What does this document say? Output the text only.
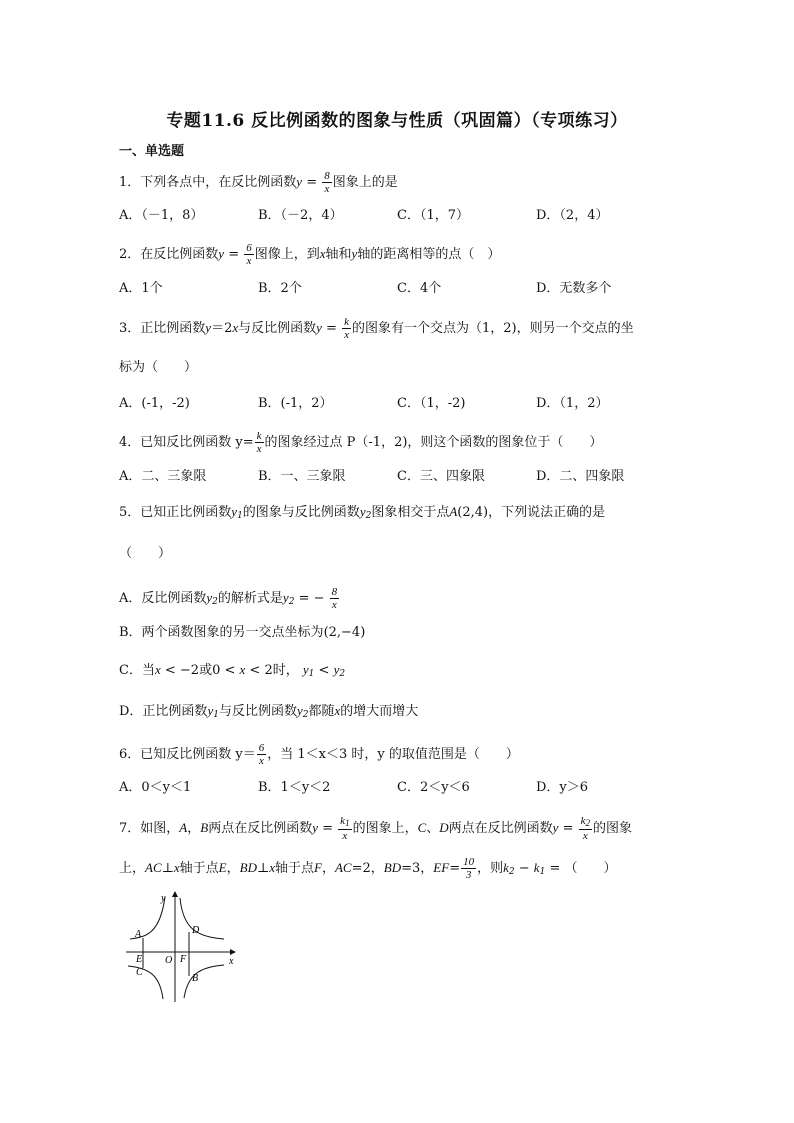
专题11.6 反比例函数的图象与性质（巩固篇）（专项练习）
一、单选题
1．下列各点中，在反比例函数$y = \frac{8}{x}$ 图象上的是
A．（－1，8）	B．（－2，4）	C．（1，7）	D．（2，4）
2．在反比例函数$y = \frac{6}{x}$ 图像上，到x轴和y轴的距离相等的点（　）
A．1个	B．2个	C．4个	D．无数多个
3．正比例函数y＝2x与反比例函数$y = \frac{k}{x}$ 的图象有一个交点为（1，2)，则另一个交点的坐
标为（　　）
A．(-1，-2)	B．(-1，2）	C．（1，-2)	D．（1，2）
4．已知反比例函数 $y= \frac{k}{x}$ 的图象经过点 P（-1，2)，则这个函数的图象位于（　　）
A．二、三象限	B．一、三象限	C．三、四象限	D．二、四象限
5．已知正比例函数$y_1$的图象与反比例函数$y_2$图象相交于点A(2,4)，下列说法正确的是
（　　）
A．反比例函数$y_2$的解析式是$y_2$ = − $\frac{8}{x}$
B．两个函数图象的另一交点坐标为(2,−4)
C．当x < −2或0 < x < 2时， $y_1 < y_2$
D．正比例函数$y_1$与反比例函数$y_2$都随x的增大而增大
6．已知反比例函数 $y= \frac{6}{x}$ ，当 1＜x＜3 时，y 的取值范围是（　　）
A．0＜y＜1	B．1＜y＜2	C．2＜y＜6	D．y＞6
7．如图，A，B两点在反比例函数$y = \frac{k_1}{x}$ 的图象上，C、D两点在反比例函数$y = \frac{k_2}{x}$ 的图象
上，AC⊥x轴于点E，BD⊥x轴于点F，AC=2，BD=3，$EF= \frac{10}{3}$ ，则$k_2 - k_1$ = （　　）
y
x
O
A	D
E	F
C
B
